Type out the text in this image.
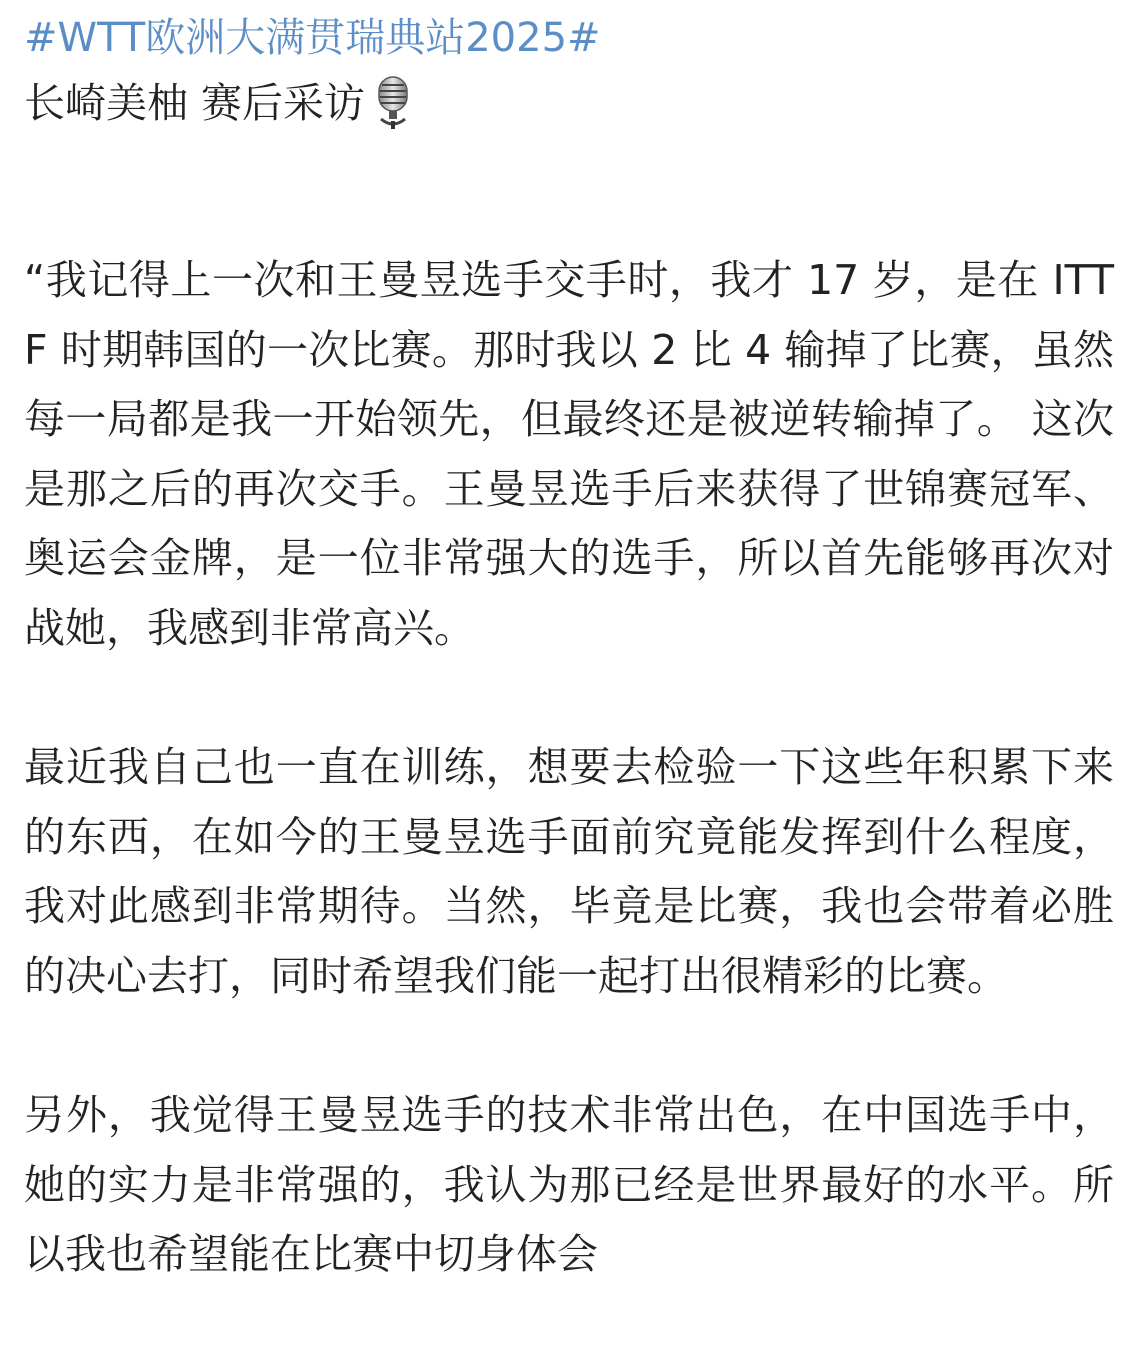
#WTT欧洲大满贯瑞典站2025#
长崎美柚 赛后采访

“我记得上一次和王曼昱选手交手时，我才 17 岁，是在 ITTF 时期韩国的一次比赛。那时我以 2 比 4 输掉了比赛，虽然每一局都是我一开始领先，但最终还是被逆转输掉了。 这次是那之后的再次交手。王曼昱选手后来获得了世锦赛冠军、奥运会金牌，是一位非常强大的选手，所以首先能够再次对战她，我感到非常高兴。

最近我自己也一直在训练，想要去检验一下这些年积累下来的东西，在如今的王曼昱选手面前究竟能发挥到什么程度，我对此感到非常期待。当然，毕竟是比赛，我也会带着必胜的决心去打，同时希望我们能一起打出很精彩的比赛。

另外，我觉得王曼昱选手的技术非常出色，在中国选手中，她的实力是非常强的，我认为那已经是世界最好的水平。所以我也希望能在比赛中切身体会
